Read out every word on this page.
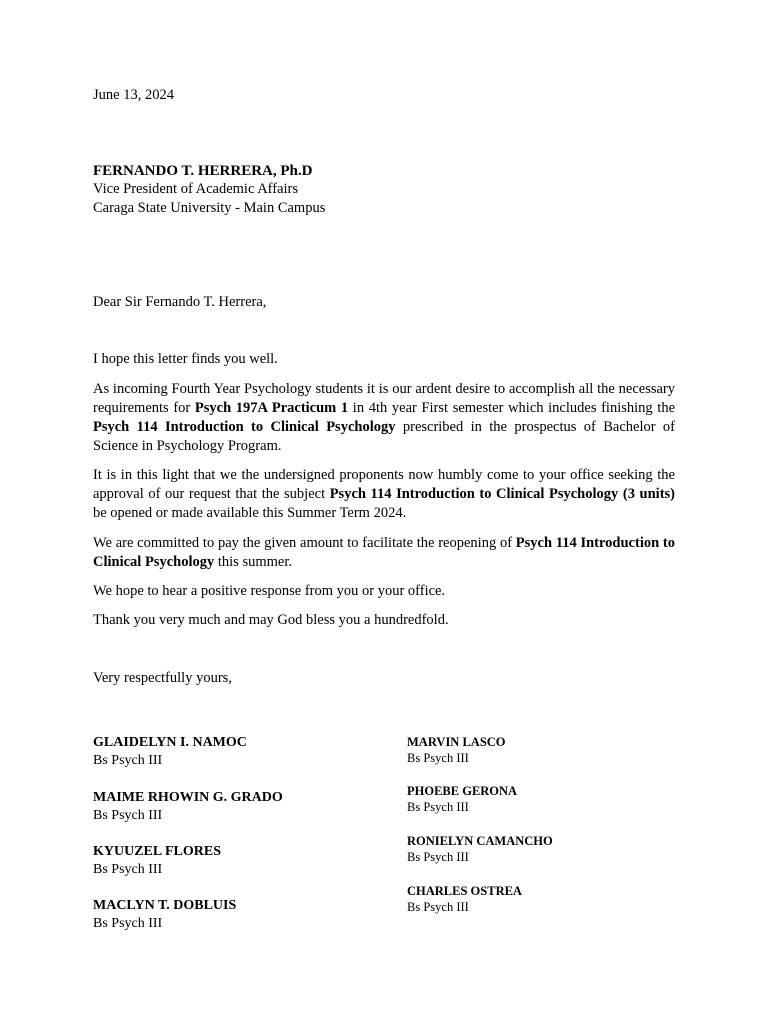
June 13, 2024
FERNANDO T. HERRERA, Ph.D
Vice President of Academic Affairs
Caraga State University - Main Campus
Dear Sir Fernando T. Herrera,

I hope this letter finds you well.

As incoming Fourth Year Psychology students it is our ardent desire to accomplish all the necessary requirements for Psych 197A Practicum 1 in 4th year First semester which includes finishing the Psych 114 Introduction to Clinical Psychology prescribed in the prospectus of Bachelor of Science in Psychology Program.

It is in this light that we the undersigned proponents now humbly come to your office seeking the approval of our request that the subject Psych 114 Introduction to Clinical Psychology (3 units) be opened or made available this Summer Term 2024.

We are committed to pay the given amount to facilitate the reopening of Psych 114 Introduction to Clinical Psychology this summer.

We hope to hear a positive response from you or your office.

Thank you very much and may God bless you a hundredfold.

Very respectfully yours,
GLAIDELYN I. NAMOC
Bs Psych III
MAIME RHOWIN G. GRADO
Bs Psych III
KYUUZEL FLORES
Bs Psych III
MACLYN T. DOBLUIS
Bs Psych III
MARVIN LASCO
Bs Psych III
PHOEBE GERONA
Bs Psych III
RONIELYN CAMANCHO
Bs Psych III
CHARLES OSTREA
Bs Psych III
